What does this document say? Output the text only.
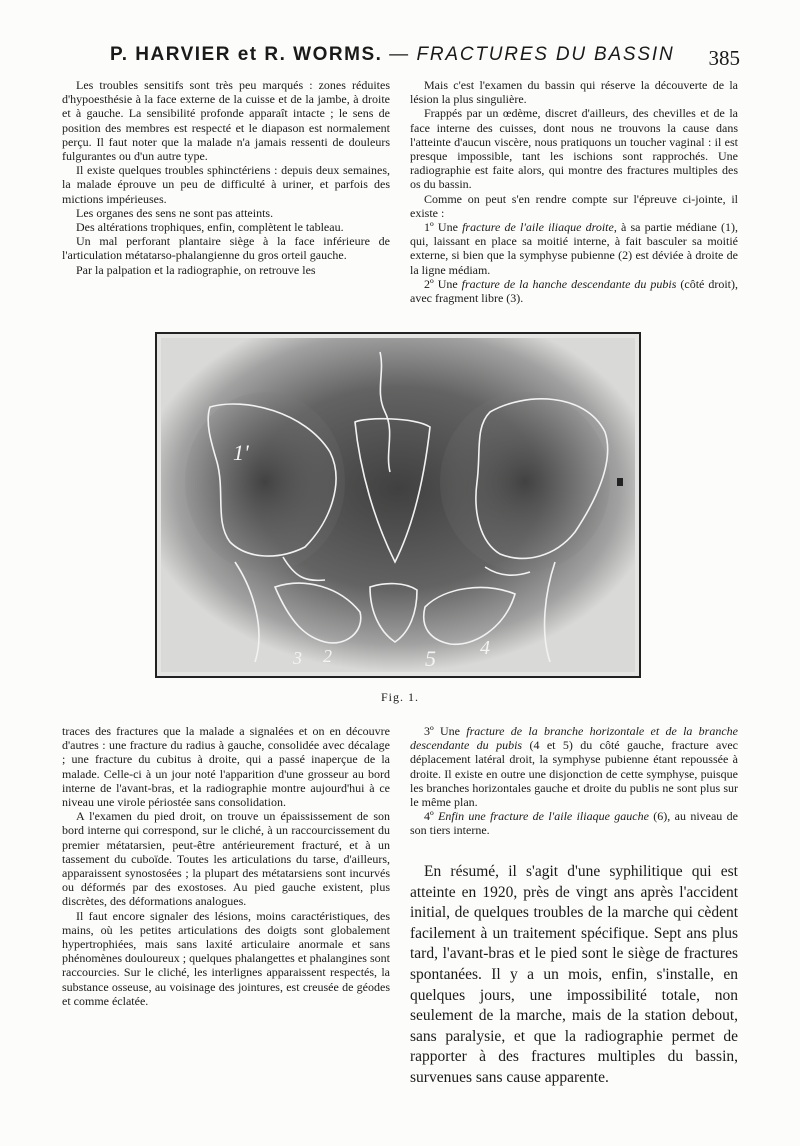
P. HARVIER et R. WORMS. — FRACTURES DU BASSIN 385

Les troubles sensitifs sont très peu marqués : zones réduites d'hypoesthésie à la face externe de la cuisse et de la jambe, à droite et à gauche. La sensibilité profonde apparaît intacte ; le sens de position des membres est respecté et le diapason est normalement perçu. Il faut noter que la malade n'a jamais ressenti de douleurs fulgurantes ou d'un autre type.

Il existe quelques troubles sphinctériens : depuis deux semaines, la malade éprouve un peu de difficulté à uriner, et parfois des mictions impérieuses.

Les organes des sens ne sont pas atteints.

Des altérations trophiques, enfin, complètent le tableau.

Un mal perforant plantaire siège à la face inférieure de l'articulation métatarso-phalangienne du gros orteil gauche.

Par la palpation et la radiographie, on retrouve les

Mais c'est l'examen du bassin qui réserve la découverte de la lésion la plus singulière.

Frappés par un œdème, discret d'ailleurs, des chevilles et de la face interne des cuisses, dont nous ne trouvons la cause dans l'atteinte d'aucun viscère, nous pratiquons un toucher vaginal : il est presque impossible, tant les ischions sont rapprochés. Une radiographie est faite alors, qui montre des fractures multiples des os du bassin.

Comme on peut s'en rendre compte sur l'épreuve ci-jointe, il existe :

1º Une fracture de l'aile iliaque droite, à sa partie médiane (1), qui, laissant en place sa moitié interne, à fait basculer sa moitié externe, si bien que la symphyse pubienne (2) est déviée à droite de la ligne médiam.

2º Une fracture de la hanche descendante du pubis (côté droit), avec fragment libre (3).

1'
3 2	5 4
Fig. 1.

traces des fractures que la malade a signalées et on en découvre d'autres : une fracture du radius à gauche, consolidée avec décalage ; une fracture du cubitus à droite, qui a passé inaperçue de la malade. Celle-ci à un jour noté l'apparition d'une grosseur au bord interne de l'avant-bras, et la radiographie montre aujourd'hui à ce niveau une virole périostée sans consolidation.

A l'examen du pied droit, on trouve un épaississement de son bord interne qui correspond, sur le cliché, à un raccourcissement du premier métatarsien, peut-être antérieurement fracturé, et à un tassement du cuboïde. Toutes les articulations du tarse, d'ailleurs, apparaissent synostosées ; la plupart des métatarsiens sont incurvés ou déformés par des exostoses. Au pied gauche existent, plus discrètes, des déformations analogues.

Il faut encore signaler des lésions, moins caractéristiques, des mains, où les petites articulations des doigts sont globalement hypertrophiées, mais sans laxité articulaire anormale et sans phénomènes douloureux ; quelques phalangettes et phalangines sont raccourcies. Sur le cliché, les interlignes apparaissent respectés, la substance osseuse, au voisinage des jointures, est creusée de géodes et comme éclatée.

3º Une fracture de la branche horizontale et de la branche descendante du pubis (4 et 5) du côté gauche, fracture avec déplacement latéral droit, la symphyse pubienne étant repoussée à droite. Il existe en outre une disjonction de cette symphyse, puisque les branches horizontales gauche et droite du publis ne sont plus sur le même plan.

4º Enfin une fracture de l'aile iliaque gauche (6), au niveau de son tiers interne.

En résumé, il s'agit d'une syphilitique qui est atteinte en 1920, près de vingt ans après l'accident initial, de quelques troubles de la marche qui cèdent facilement à un traitement spécifique. Sept ans plus tard, l'avant-bras et le pied sont le siège de fractures spontanées. Il y a un mois, enfin, s'installe, en quelques jours, une impossibilité totale, non seulement de la marche, mais de la station debout, sans paralysie, et que la radiographie permet de rapporter à des fractures multiples du bassin, survenues sans cause apparente.
